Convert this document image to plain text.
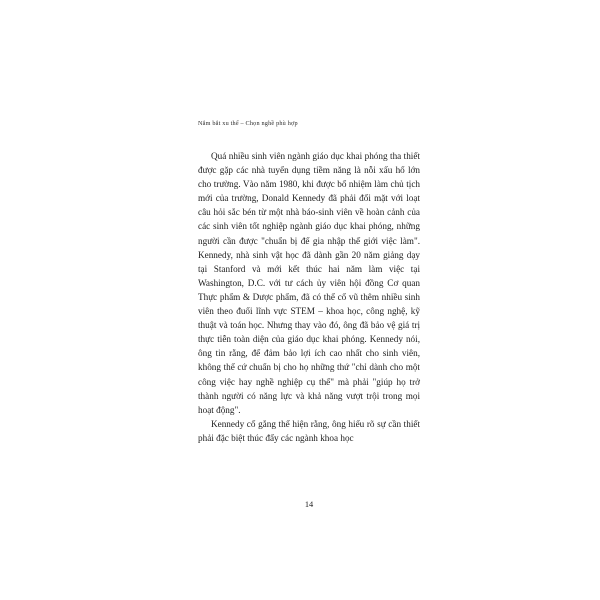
Nắm bắt xu thế – Chọn nghề phù hợp

Quá nhiều sinh viên ngành giáo dục khai phóng tha thiết được gặp các nhà tuyển dụng tiềm năng là nỗi xấu hổ lớn cho trường. Vào năm 1980, khi được bổ nhiệm làm chủ tịch mới của trường, Donald Kennedy đã phải đối mặt với loạt câu hỏi sắc bén từ một nhà báo-sinh viên về hoàn cảnh của các sinh viên tốt nghiệp ngành giáo dục khai phóng, những người cần được "chuẩn bị để gia nhập thế giới việc làm". Kennedy, nhà sinh vật học đã dành gần 20 năm giảng dạy tại Stanford và mới kết thúc hai năm làm việc tại Washington, D.C. với tư cách ủy viên hội đồng Cơ quan Thực phẩm & Dược phẩm, đã có thể cổ vũ thêm nhiều sinh viên theo đuổi lĩnh vực STEM – khoa học, công nghệ, kỹ thuật và toán học. Nhưng thay vào đó, ông đã bảo vệ giá trị thực tiễn toàn diện của giáo dục khai phóng. Kennedy nói, ông tin rằng, để đảm bảo lợi ích cao nhất cho sinh viên, không thể cứ chuẩn bị cho họ những thứ "chỉ dành cho một công việc hay nghề nghiệp cụ thể" mà phải "giúp họ trở thành người có năng lực và khả năng vượt trội trong mọi hoạt động".

Kennedy cố gắng thể hiện rằng, ông hiểu rõ sự cần thiết phải đặc biệt thúc đẩy các ngành khoa học

14
